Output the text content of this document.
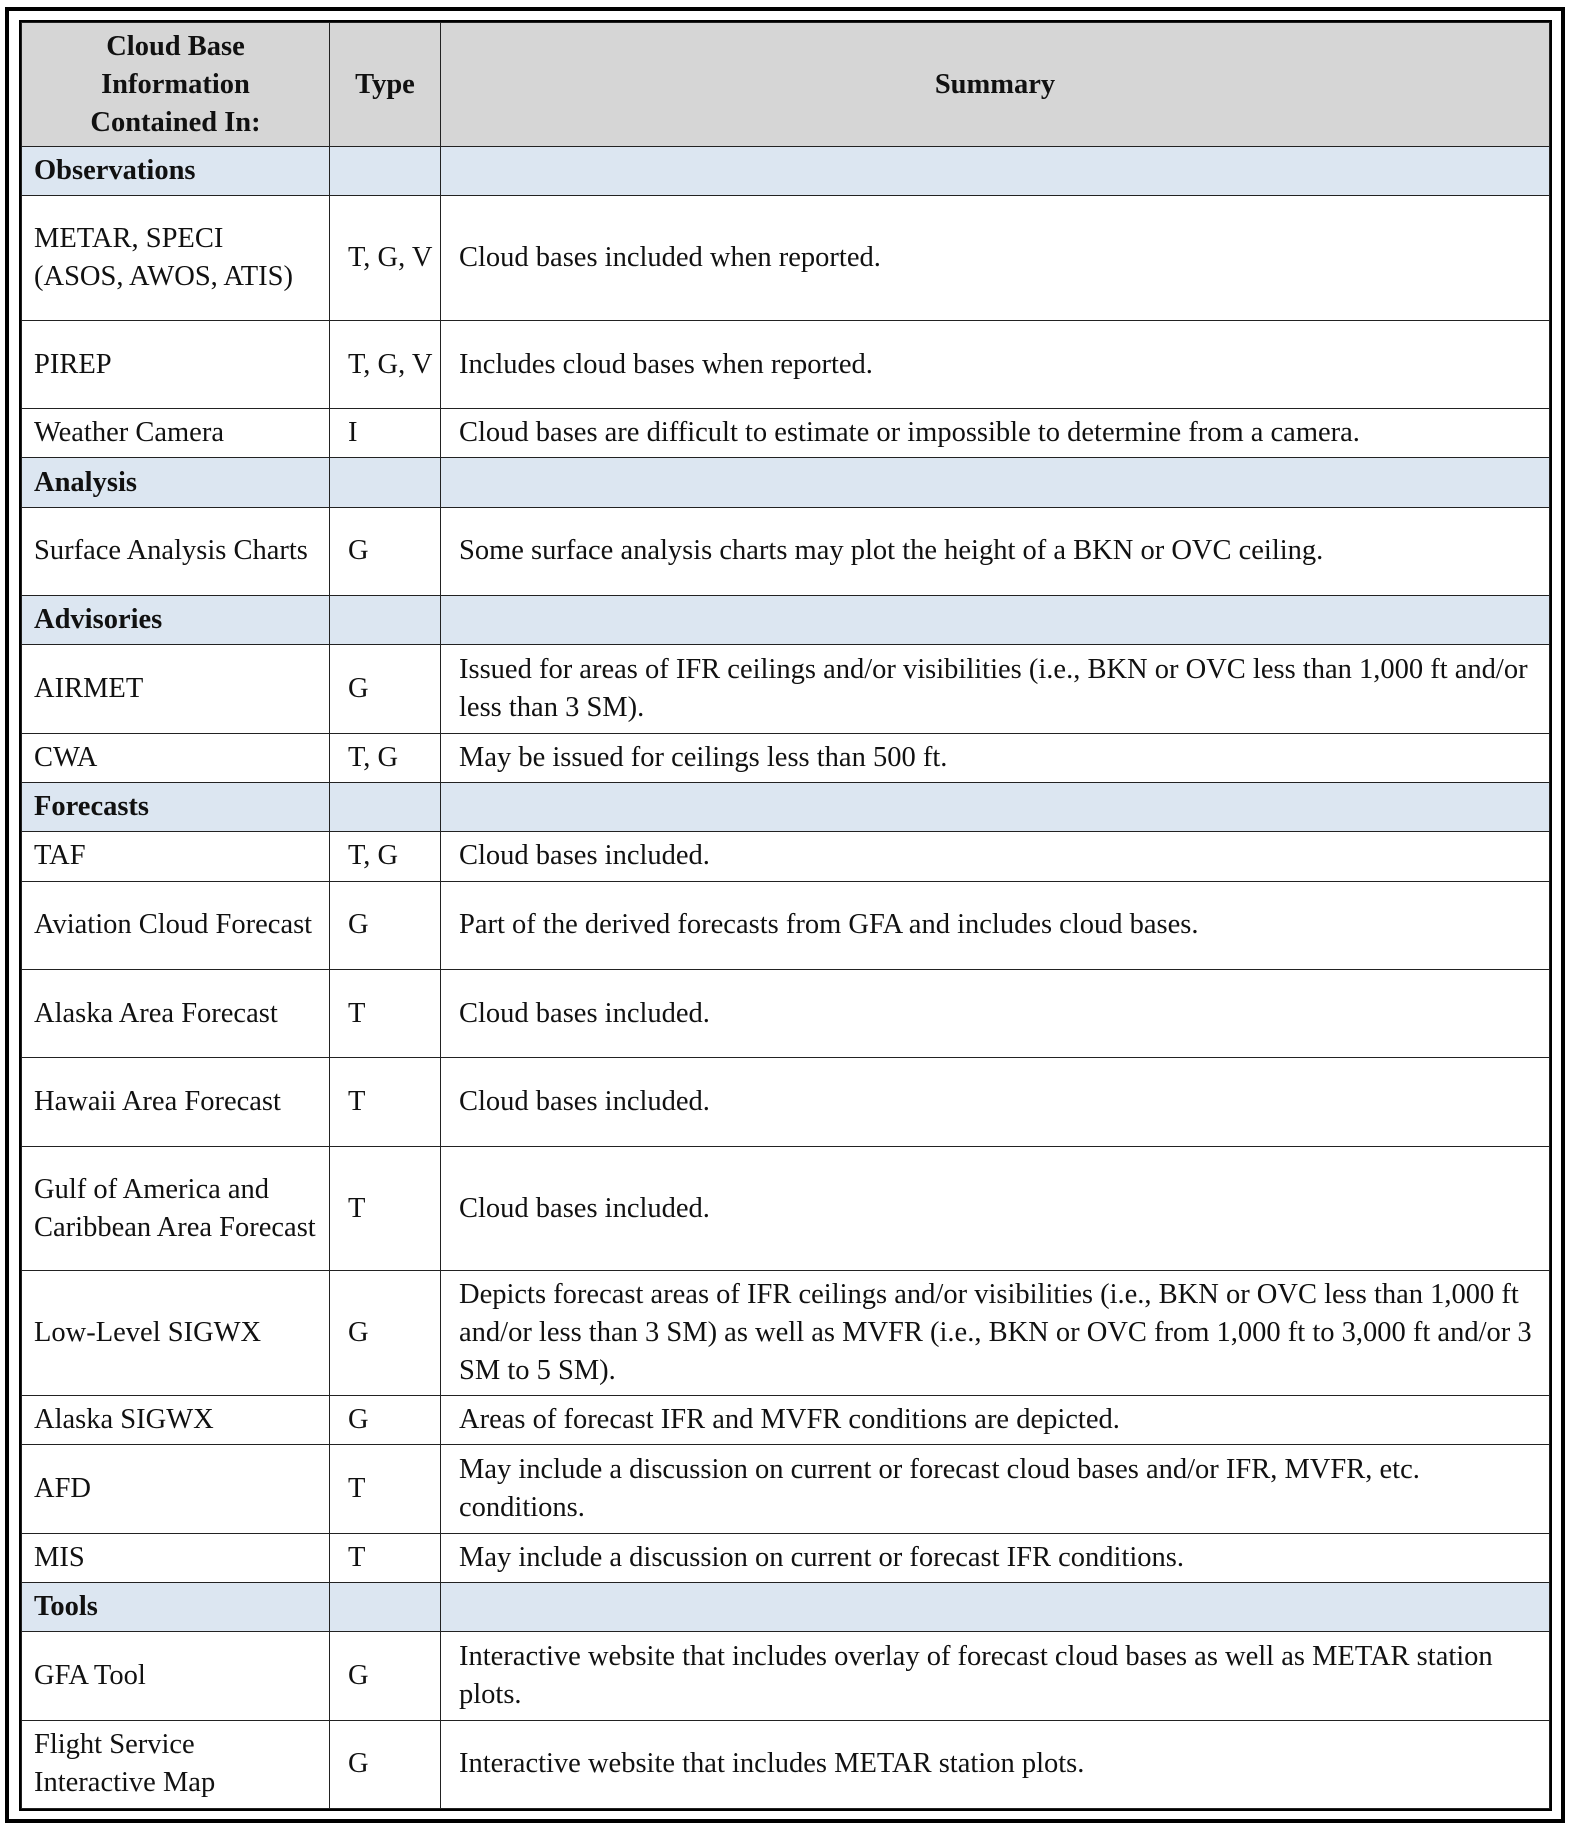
Cloud Base Information Contained In:	Type	Summary
Observations		
METAR, SPECI (ASOS, AWOS, ATIS)	T, G, V	Cloud bases included when reported.
PIREP	T, G, V	Includes cloud bases when reported.
Weather Camera	I	Cloud bases are difficult to estimate or impossible to determine from a camera.
Analysis		
Surface Analysis Charts	G	Some surface analysis charts may plot the height of a BKN or OVC ceiling.
Advisories		
AIRMET	G	Issued for areas of IFR ceilings and/or visibilities (i.e., BKN or OVC less than 1,000 ft and/or less than 3 SM).
CWA	T, G	May be issued for ceilings less than 500 ft.
Forecasts		
TAF	T, G	Cloud bases included.
Aviation Cloud Forecast	G	Part of the derived forecasts from GFA and includes cloud bases.
Alaska Area Forecast	T	Cloud bases included.
Hawaii Area Forecast	T	Cloud bases included.
Gulf of America and Caribbean Area Forecast	T	Cloud bases included.
Low-Level SIGWX	G	Depicts forecast areas of IFR ceilings and/or visibilities (i.e., BKN or OVC less than 1,000 ft and/or less than 3 SM) as well as MVFR (i.e., BKN or OVC from 1,000 ft to 3,000 ft and/or 3 SM to 5 SM).
Alaska SIGWX	G	Areas of forecast IFR and MVFR conditions are depicted.
AFD	T	May include a discussion on current or forecast cloud bases and/or IFR, MVFR, etc. conditions.
MIS	T	May include a discussion on current or forecast IFR conditions.
Tools		
GFA Tool	G	Interactive website that includes overlay of forecast cloud bases as well as METAR station plots.
Flight Service Interactive Map	G	Interactive website that includes METAR station plots.
